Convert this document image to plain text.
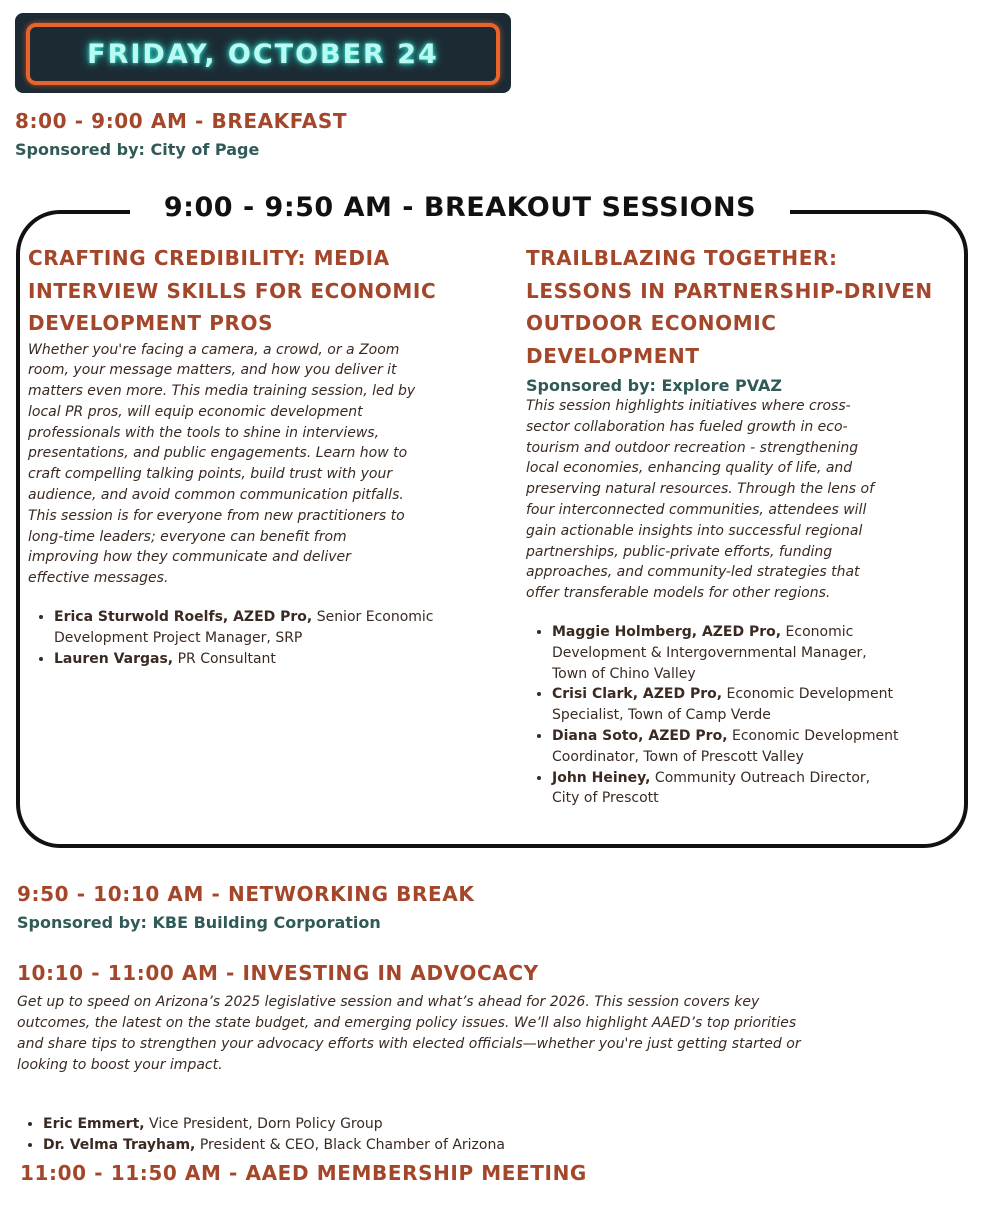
FRIDAY, OCTOBER 24
8:00 - 9:00 AM - BREAKFAST
Sponsored by: City of Page
9:00 - 9:50 AM - BREAKOUT SESSIONS
CRAFTING CREDIBILITY: MEDIA
INTERVIEW SKILLS FOR ECONOMIC
DEVELOPMENT PROS
Whether you're facing a camera, a crowd, or a Zoom
room, your message matters, and how you deliver it
matters even more. This media training session, led by
local PR pros, will equip economic development
professionals with the tools to shine in interviews,
presentations, and public engagements. Learn how to
craft compelling talking points, build trust with your
audience, and avoid common communication pitfalls.
This session is for everyone from new practitioners to
long-time leaders; everyone can benefit from
improving how they communicate and deliver
effective messages.
• Erica Sturwold Roelfs, AZED Pro, Senior Economic
Development Project Manager, SRP
• Lauren Vargas, PR Consultant
TRAILBLAZING TOGETHER:
LESSONS IN PARTNERSHIP-DRIVEN
OUTDOOR ECONOMIC
DEVELOPMENT
Sponsored by: Explore PVAZ
This session highlights initiatives where cross-
sector collaboration has fueled growth in eco-
tourism and outdoor recreation - strengthening
local economies, enhancing quality of life, and
preserving natural resources. Through the lens of
four interconnected communities, attendees will
gain actionable insights into successful regional
partnerships, public-private efforts, funding
approaches, and community-led strategies that
offer transferable models for other regions.
• Maggie Holmberg, AZED Pro, Economic
Development & Intergovernmental Manager,
Town of Chino Valley
• Crisi Clark, AZED Pro, Economic Development
Specialist, Town of Camp Verde
• Diana Soto, AZED Pro, Economic Development
Coordinator, Town of Prescott Valley
• John Heiney, Community Outreach Director,
City of Prescott
9:50 - 10:10 AM - NETWORKING BREAK
Sponsored by: KBE Building Corporation
10:10 - 11:00 AM - INVESTING IN ADVOCACY
Get up to speed on Arizona’s 2025 legislative session and what’s ahead for 2026. This session covers key
outcomes, the latest on the state budget, and emerging policy issues. We’ll also highlight AAED’s top priorities
and share tips to strengthen your advocacy efforts with elected officials—whether you're just getting started or
looking to boost your impact.
• Eric Emmert, Vice President, Dorn Policy Group
• Dr. Velma Trayham, President & CEO, Black Chamber of Arizona
11:00 - 11:50 AM - AAED MEMBERSHIP MEETING
